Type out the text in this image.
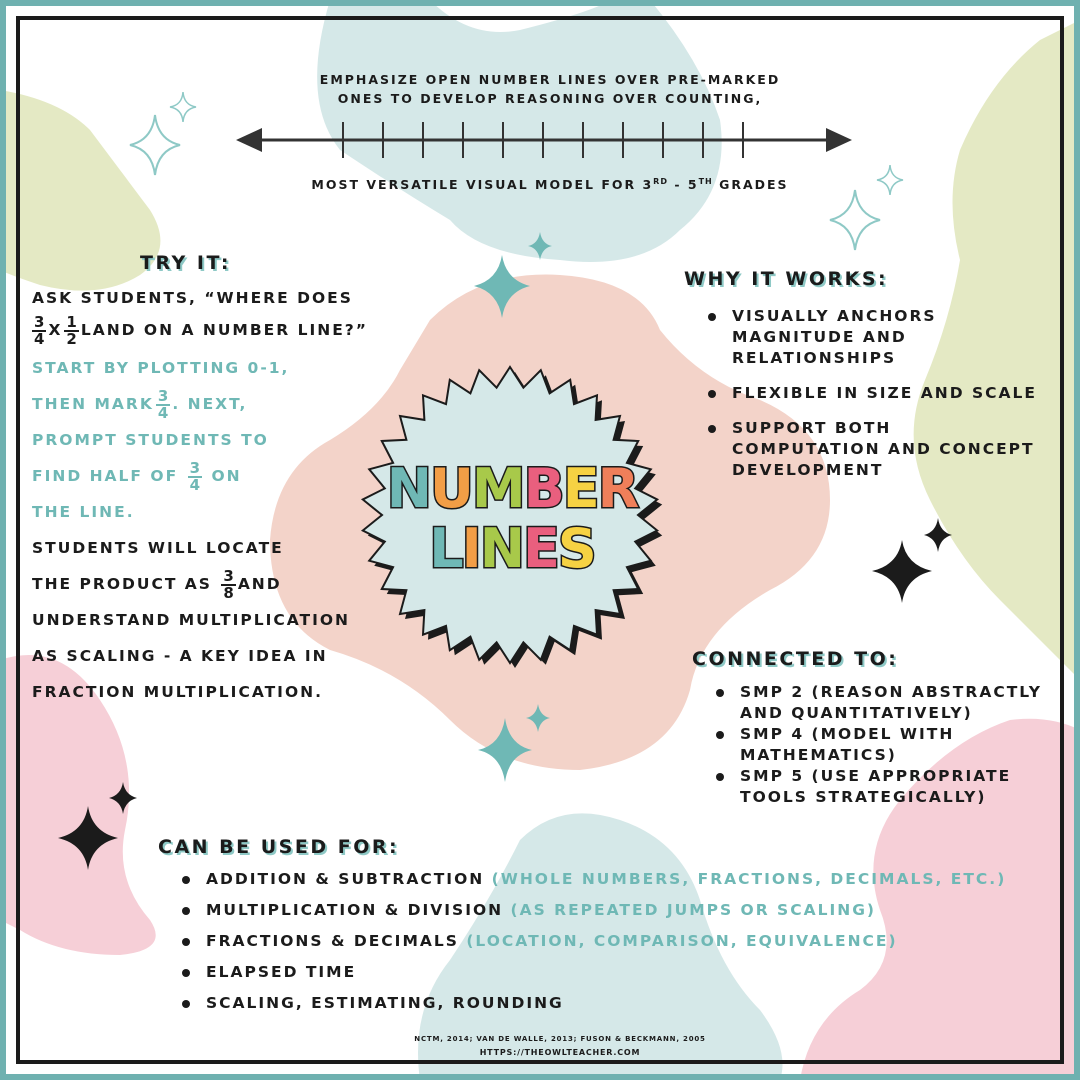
EMPHASIZE OPEN NUMBER LINES OVER PRE-MARKED
ONES TO DEVELOP REASONING OVER COUNTING,
MOST VERSATILE VISUAL MODEL FOR 3RD - 5TH GRADES
TRY IT:
ASK STUDENTS, “WHERE DOES
$\frac{3}{4}$ X $\frac{1}{2}$ LAND ON A NUMBER LINE?”
START BY PLOTTING 0-1,
THEN MARK $\frac{3}{4}$ . NEXT,
PROMPT STUDENTS TO
FIND HALF OF $\frac{3}{4}$ ON
THE LINE.
STUDENTS WILL LOCATE
THE PRODUCT AS $\frac{3}{8}$ AND
UNDERSTAND MULTIPLICATION
AS SCALING - A KEY IDEA IN
FRACTION MULTIPLICATION.
NUMBER
LINES
WHY IT WORKS:
VISUALLY ANCHORS MAGNITUDE AND RELATIONSHIPS
FLEXIBLE IN SIZE AND SCALE
SUPPORT BOTH COMPUTATION AND CONCEPT DEVELOPMENT
CONNECTED TO:
SMP 2 (REASON ABSTRACTLY AND QUANTITATIVELY)
SMP 4 (MODEL WITH MATHEMATICS)
SMP 5 (USE APPROPRIATE TOOLS STRATEGICALLY)
CAN BE USED FOR:
ADDITION & SUBTRACTION (WHOLE NUMBERS, FRACTIONS, DECIMALS, ETC.)
MULTIPLICATION & DIVISION (AS REPEATED JUMPS OR SCALING)
FRACTIONS & DECIMALS (LOCATION, COMPARISON, EQUIVALENCE)
ELAPSED TIME
SCALING, ESTIMATING, ROUNDING
NCTM, 2014; VAN DE WALLE, 2013; FUSON & BECKMANN, 2005
HTTPS://THEOWLTEACHER.COM
